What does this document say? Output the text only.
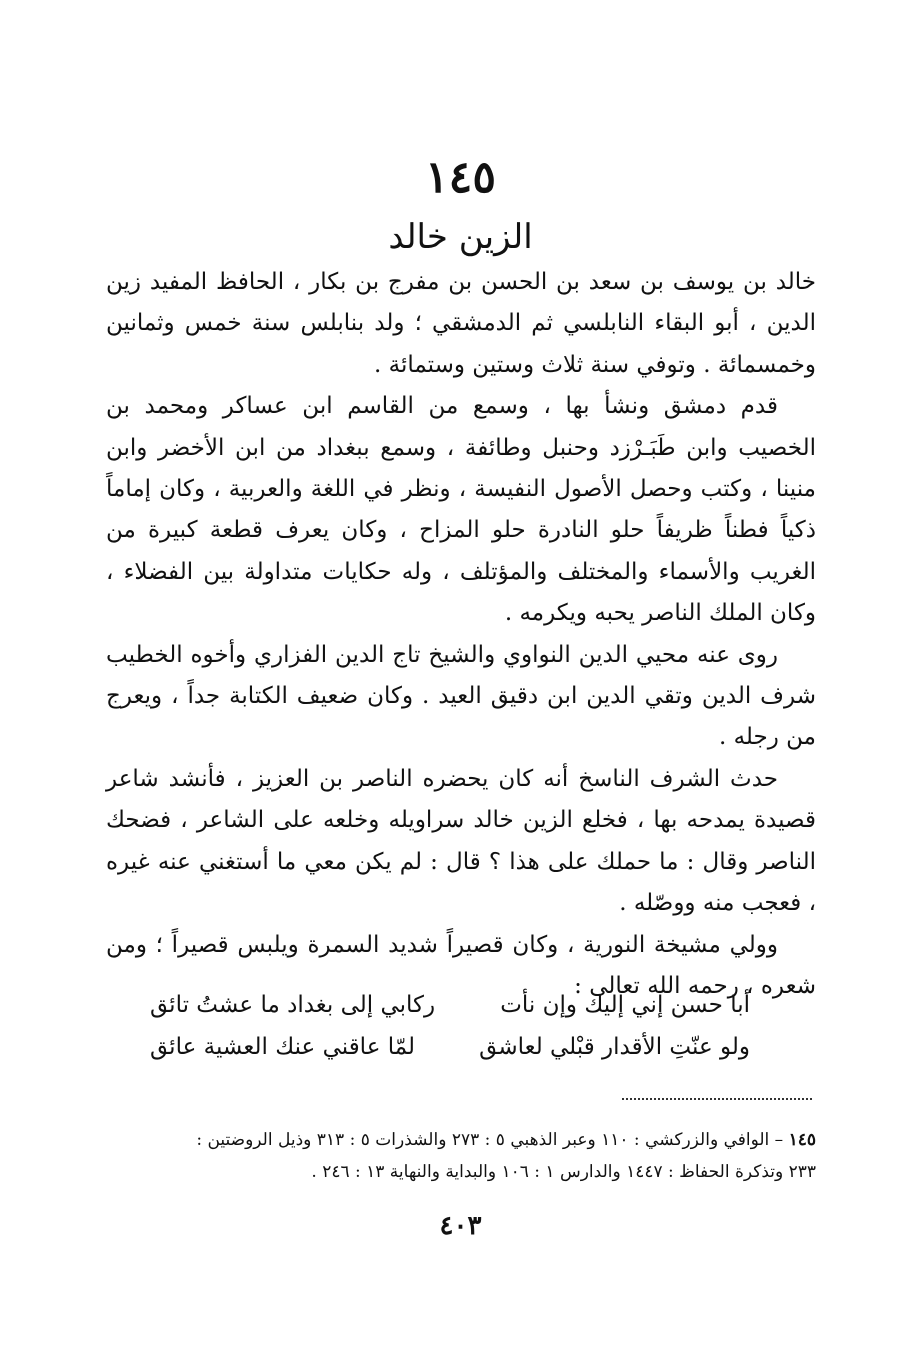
١٤٥
الزين خالد

خالد بن يوسف بن سعد بن الحسن بن مفرج بن بكار ، الحافظ المفيد زين الدين ، أبو البقاء النابلسي ثم الدمشقي ؛ ولد بنابلس سنة خمس وثمانين وخمسمائة . وتوفي سنة ثلاث وستين وستمائة .

قدم دمشق ونشأ بها ، وسمع من القاسم ابن عساكر ومحمد بن الخصيب وابن طَبَـرْزد وحنبل وطائفة ، وسمع ببغداد من ابن الأخضر وابن منينا ، وكتب وحصل الأصول النفيسة ، ونظر في اللغة والعربية ، وكان إماماً ذكياً فطناً ظريفاً حلو النادرة حلو المزاح ، وكان يعرف قطعة كبيرة من الغريب والأسماء والمختلف والمؤتلف ، وله حكايات متداولة بين الفضلاء ، وكان الملك الناصر يحبه ويكرمه .

روى عنه محيي الدين النواوي والشيخ تاج الدين الفزاري وأخوه الخطيب شرف الدين وتقي الدين ابن دقيق العيد . وكان ضعيف الكتابة جداً ، ويعرج من رجله .

حدث الشرف الناسخ أنه كان يحضره الناصر بن العزيز ، فأنشد شاعر قصيدة يمدحه بها ، فخلع الزين خالد سراويله وخلعه على الشاعر ، فضحك الناصر وقال : ما حملك على هذا ؟ قال : لم يكن معي ما أستغني عنه غيره ، فعجب منه ووصّله .

وولي مشيخة النورية ، وكان قصيراً شديد السمرة ويلبس قصيراً ؛ ومن شعره ، رحمه الله تعالى :

أبا حسن إني إليك وإن نأت
ركابي إلى بغداد ما عشتُ تائق
ولو عنّتِ الأقدار قبْلي لعاشق
لمّا عاقني عنك العشية عائق

١٤٥ – الوافي والزركشي : ١١٠ وعبر الذهبي ٥ : ٢٧٣ والشذرات ٥ : ٣١٣ وذيل الروضتين :

٢٣٣ وتذكرة الحفاظ : ١٤٤٧ والدارس ١ : ١٠٦ والبداية والنهاية ١٣ : ٢٤٦ .

٤٠٣
